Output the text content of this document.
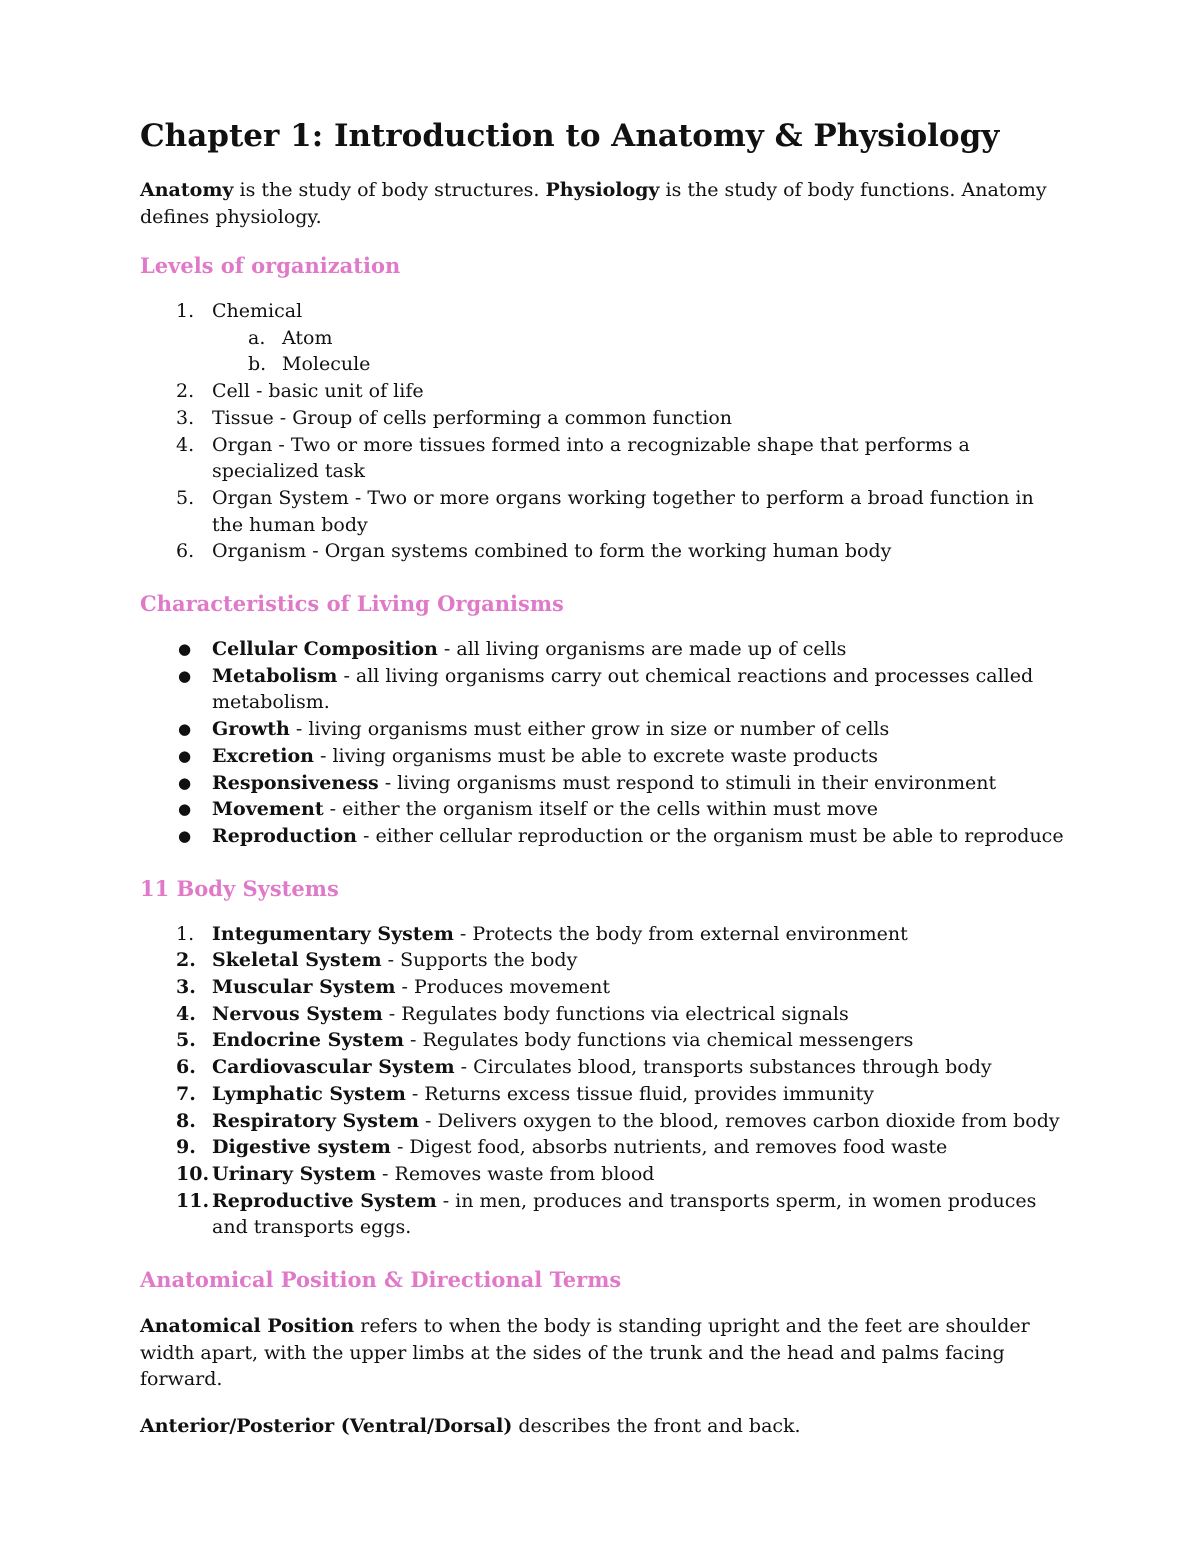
Chapter 1: Introduction to Anatomy & Physiology

Anatomy is the study of body structures. Physiology is the study of body functions. Anatomy defines physiology.

Levels of organization
1. Chemical
a. Atom
b. Molecule
2. Cell - basic unit of life
3. Tissue - Group of cells performing a common function
4. Organ - Two or more tissues formed into a recognizable shape that performs a specialized task
5. Organ System - Two or more organs working together to perform a broad function in the human body
6. Organism - Organ systems combined to form the working human body
Characteristics of Living Organisms
● Cellular Composition - all living organisms are made up of cells
● Metabolism - all living organisms carry out chemical reactions and processes called metabolism.
● Growth - living organisms must either grow in size or number of cells
● Excretion - living organisms must be able to excrete waste products
● Responsiveness - living organisms must respond to stimuli in their environment
● Movement - either the organism itself or the cells within must move
● Reproduction - either cellular reproduction or the organism must be able to reproduce
11 Body Systems
1. Integumentary System - Protects the body from external environment
2. Skeletal System - Supports the body
3. Muscular System - Produces movement
4. Nervous System - Regulates body functions via electrical signals
5. Endocrine System - Regulates body functions via chemical messengers
6. Cardiovascular System - Circulates blood, transports substances through body
7. Lymphatic System - Returns excess tissue fluid, provides immunity
8. Respiratory System - Delivers oxygen to the blood, removes carbon dioxide from body
9. Digestive system - Digest food, absorbs nutrients, and removes food waste
10. Urinary System - Removes waste from blood
11. Reproductive System - in men, produces and transports sperm, in women produces and transports eggs.
Anatomical Position & Directional Terms

Anatomical Position refers to when the body is standing upright and the feet are shoulder width apart, with the upper limbs at the sides of the trunk and the head and palms facing forward.

Anterior/Posterior (Ventral/Dorsal) describes the front and back.
